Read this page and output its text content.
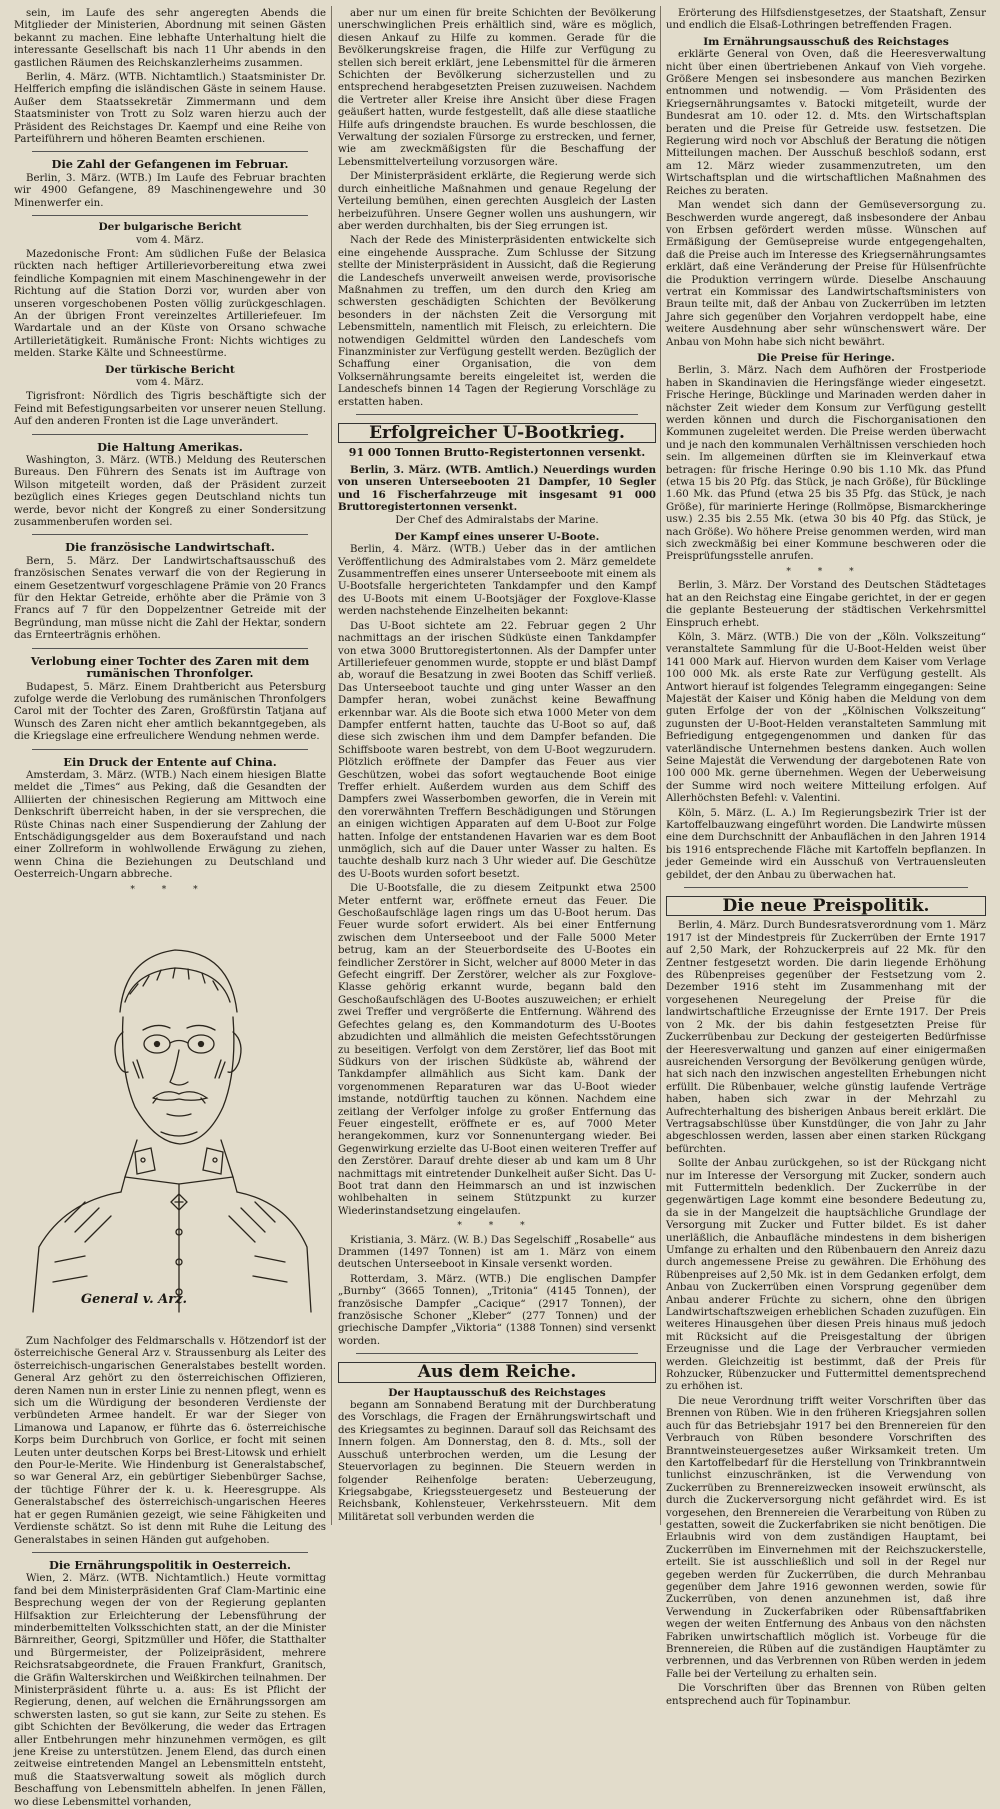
sein, im Laufe des sehr angeregten Abends die Mitglieder der Ministerien, Abordnung mit seinen Gästen bekannt zu machen. Eine lebhafte Unterhaltung hielt die interessante Gesellschaft bis nach 11 Uhr abends in den gastlichen Räumen des Reichskanzlerheims zusammen.

Berlin, 4. März. (WTB. Nichtamtlich.) Staatsminister Dr. Helfferich empfing die isländischen Gäste in seinem Hause. Außer dem Staatssekretär Zimmermann und dem Staatsminister von Trott zu Solz waren hierzu auch der Präsident des Reichstages Dr. Kaempf und eine Reihe von Parteiführern und höheren Beamten erschienen.

Die Zahl der Gefangenen im Februar.

Berlin, 3. März. (WTB.) Im Laufe des Februar brachten wir 4900 Gefangene, 89 Maschinengewehre und 30 Minenwerfer ein.

Der bulgarische Bericht

vom 4. März.

Mazedonische Front: Am südlichen Fuße der Belasica rückten nach heftiger Artillerievorbereitung etwa zwei feindliche Kompagnien mit einem Maschinengewehr in der Richtung auf die Station Dorzi vor, wurden aber von unseren vorgeschobenen Posten völlig zurückgeschlagen. An der übrigen Front vereinzeltes Artilleriefeuer. Im Wardartale und an der Küste von Orsano schwache Artillerietätigkeit. Rumänische Front: Nichts wichtiges zu melden. Starke Kälte und Schneestürme.

Der türkische Bericht

vom 4. März.

Tigrisfront: Nördlich des Tigris beschäftigte sich der Feind mit Befestigungsarbeiten vor unserer neuen Stellung. Auf den anderen Fronten ist die Lage unverändert.

Die Haltung Amerikas.

Washington, 3. März. (WTB.) Meldung des Reuterschen Bureaus. Den Führern des Senats ist im Auftrage von Wilson mitgeteilt worden, daß der Präsident zurzeit bezüglich eines Krieges gegen Deutschland nichts tun werde, bevor nicht der Kongreß zu einer Sondersitzung zusammenberufen worden sei.

Die französische Landwirtschaft.

Bern, 5. März. Der Landwirtschaftsausschuß des französischen Senates verwarf die von der Regierung in einem Gesetzentwurf vorgeschlagene Prämie von 20 Francs für den Hektar Getreide, erhöhte aber die Prämie von 3 Francs auf 7 für den Doppelzentner Getreide mit der Begründung, man müsse nicht die Zahl der Hektar, sondern das Ernteerträgnis erhöhen.

Verlobung einer Tochter des Zaren mit dem rumänischen Thronfolger.

Budapest, 5. März. Einem Drahtbericht aus Petersburg zufolge werde die Verlobung des rumänischen Thronfolgers Carol mit der Tochter des Zaren, Großfürstin Tatjana auf Wunsch des Zaren nicht eher amtlich bekanntgegeben, als die Kriegslage eine erfreulichere Wendung nehmen werde.

Ein Druck der Entente auf China.

Amsterdam, 3. März. (WTB.) Nach einem hiesigen Blatte meldet die „Times“ aus Peking, daß die Gesandten der Alliierten der chinesischen Regierung am Mittwoch eine Denkschrift überreicht haben, in der sie versprechen, die Rüste Chinas nach einer Suspendierung der Zahlung der Entschädigungsgelder aus dem Boxeraufstand und nach einer Zollreform in wohlwollende Erwägung zu ziehen, wenn China die Beziehungen zu Deutschland und Oesterreich-Ungarn abbreche.

* * *
General v. Arz.

Zum Nachfolger des Feldmarschalls v. Hötzendorf ist der österreichische General Arz v. Straussenburg als Leiter des österreichisch-ungarischen Generalstabes bestellt worden. General Arz gehört zu den österreichischen Offizieren, deren Namen nun in erster Linie zu nennen pflegt, wenn es sich um die Würdigung der besonderen Verdienste der verbündeten Armee handelt. Er war der Sieger von Limanowa und Lapanow, er führte das 6. österreichische Korps beim Durchbruch von Gorlice, er focht mit seinen Leuten unter deutschen Korps bei Brest-Litowsk und erhielt den Pour-le-Merite. Wie Hindenburg ist Generalstabschef, so war General Arz, ein gebürtiger Siebenbürger Sachse, der tüchtige Führer der k. u. k. Heeresgruppe. Als Generalstabschef des österreichisch-ungarischen Heeres hat er gegen Rumänien gezeigt, wie seine Fähigkeiten und Verdienste schätzt. So ist denn mit Ruhe die Leitung des Generalstabes in seinen Händen gut aufgehoben.

Die Ernährungspolitik in Oesterreich.

Wien, 2. März. (WTB. Nichtamtlich.) Heute vormittag fand bei dem Ministerpräsidenten Graf Clam-Martinic eine Besprechung wegen der von der Regierung geplanten Hilfsaktion zur Erleichterung der Lebensführung der minderbemittelten Volksschichten statt, an der die Minister Bärnreither, Georgi, Spitzmüller und Höfer, die Statthalter und Bürgermeister, der Polizeipräsident, mehrere Reichsratsabgeordnete, die Frauen Frankfurt, Granitsch, die Gräfin Walterskirchen und Weißkirchen teilnahmen. Der Ministerpräsident führte u. a. aus: Es ist Pflicht der Regierung, denen, auf welchen die Ernährungssorgen am schwersten lasten, so gut sie kann, zur Seite zu stehen. Es gibt Schichten der Bevölkerung, die weder das Ertragen aller Entbehrungen mehr hinzunehmen vermögen, es gilt jene Kreise zu unterstützen. Jenem Elend, das durch einen zeitweise eintretenden Mangel an Lebensmitteln entsteht, muß die Staatsverwaltung soweit als möglich durch Beschaffung von Lebensmitteln abhelfen. In jenen Fällen, wo diese Lebensmittel vorhanden,

aber nur um einen für breite Schichten der Bevölkerung unerschwinglichen Preis erhältlich sind, wäre es möglich, diesen Ankauf zu Hilfe zu kommen. Gerade für die Bevölkerungskreise fragen, die Hilfe zur Verfügung zu stellen sich bereit erklärt, jene Lebensmittel für die ärmeren Schichten der Bevölkerung sicherzustellen und zu entsprechend herabgesetzten Preisen zuzuweisen. Nachdem die Vertreter aller Kreise ihre Ansicht über diese Fragen geäußert hatten, wurde festgestellt, daß alle diese staatliche Hilfe aufs dringendste brauchen. Es wurde beschlossen, die Verwaltung der sozialen Fürsorge zu erstrecken, und ferner, wie am zweckmäßigsten für die Beschaffung der Lebensmittelverteilung vorzusorgen wäre.

Der Ministerpräsident erklärte, die Regierung werde sich durch einheitliche Maßnahmen und genaue Regelung der Verteilung bemühen, einen gerechten Ausgleich der Lasten herbeizuführen. Unsere Gegner wollen uns aushungern, wir aber werden durchhalten, bis der Sieg errungen ist.

Nach der Rede des Ministerpräsidenten entwickelte sich eine eingehende Aussprache. Zum Schlusse der Sitzung stellte der Ministerpräsident in Aussicht, daß die Regierung die Landeschefs unverweilt anweisen werde, provisorische Maßnahmen zu treffen, um den durch den Krieg am schwersten geschädigten Schichten der Bevölkerung besonders in der nächsten Zeit die Versorgung mit Lebensmitteln, namentlich mit Fleisch, zu erleichtern. Die notwendigen Geldmittel würden den Landeschefs vom Finanzminister zur Verfügung gestellt werden. Bezüglich der Schaffung einer Organisation, die von dem Volksernährungsamte bereits eingeleitet ist, werden die Landeschefs binnen 14 Tagen der Regierung Vorschläge zu erstatten haben.

Erfolgreicher U-Bootkrieg.
91 000 Tonnen Brutto-Registertonnen versenkt.

Berlin, 3. März. (WTB. Amtlich.) Neuerdings wurden von unseren Unterseebooten 21 Dampfer, 10 Segler und 16 Fischerfahrzeuge mit insgesamt 91 000 Bruttoregistertonnen versenkt.

Der Chef des Admiralstabs der Marine.

Der Kampf eines unserer U-Boote.

Berlin, 4. März. (WTB.) Ueber das in der amtlichen Veröffentlichung des Admiralstabes vom 2. März gemeldete Zusammentreffen eines unserer Unterseeboote mit einem als U-Bootsfalle hergerichteten Tankdampfer und den Kampf des U-Boots mit einem U-Bootsjäger der Foxglove-Klasse werden nachstehende Einzelheiten bekannt:

Das U-Boot sichtete am 22. Februar gegen 2 Uhr nachmittags an der irischen Südküste einen Tankdampfer von etwa 3000 Bruttoregistertonnen. Als der Dampfer unter Artilleriefeuer genommen wurde, stoppte er und bläst Dampf ab, worauf die Besatzung in zwei Booten das Schiff verließ. Das Unterseeboot tauchte und ging unter Wasser an den Dampfer heran, wobei zunächst keine Bewaffnung erkennbar war. Als die Boote sich etwa 1000 Meter von dem Dampfer entfernt hatten, tauchte das U-Boot so auf, daß diese sich zwischen ihm und dem Dampfer befanden. Die Schiffsboote waren bestrebt, von dem U-Boot wegzurudern. Plötzlich eröffnete der Dampfer das Feuer aus vier Geschützen, wobei das sofort wegtauchende Boot einige Treffer erhielt. Außerdem wurden aus dem Schiff des Dampfers zwei Wasserbomben geworfen, die in Verein mit den vorerwähnten Treffern Beschädigungen und Störungen an einigen wichtigen Apparaten auf dem U-Boot zur Folge hatten. Infolge der entstandenen Havarien war es dem Boot unmöglich, sich auf die Dauer unter Wasser zu halten. Es tauchte deshalb kurz nach 3 Uhr wieder auf. Die Geschütze des U-Boots wurden sofort besetzt.

Die U-Bootsfalle, die zu diesem Zeitpunkt etwa 2500 Meter entfernt war, eröffnete erneut das Feuer. Die Geschoßaufschläge lagen rings um das U-Boot herum. Das Feuer wurde sofort erwidert. Als bei einer Entfernung zwischen dem Unterseeboot und der Falle 5000 Meter betrug, kam an der Steuerbordseite des U-Bootes ein feindlicher Zerstörer in Sicht, welcher auf 8000 Meter in das Gefecht eingriff. Der Zerstörer, welcher als zur Foxglove-Klasse gehörig erkannt wurde, begann bald den Geschoßaufschlägen des U-Bootes auszuweichen; er erhielt zwei Treffer und vergrößerte die Entfernung. Während des Gefechtes gelang es, den Kommandoturm des U-Bootes abzudichten und allmählich die meisten Gefechtsstörungen zu beseitigen. Verfolgt von dem Zerstörer, lief das Boot mit Südkurs von der irischen Südküste ab, während der Tankdampfer allmählich aus Sicht kam. Dank der vorgenommenen Reparaturen war das U-Boot wieder imstande, notdürftig tauchen zu können. Nachdem eine zeitlang der Verfolger infolge zu großer Entfernung das Feuer eingestellt, eröffnete er es, auf 7000 Meter herangekommen, kurz vor Sonnenuntergang wieder. Bei Gegenwirkung erzielte das U-Boot einen weiteren Treffer auf den Zerstörer. Darauf drehte dieser ab und kam um 8 Uhr nachmittags mit eintretender Dunkelheit außer Sicht. Das U-Boot trat dann den Heimmarsch an und ist inzwischen wohlbehalten in seinem Stützpunkt zu kurzer Wiederinstandsetzung eingelaufen.

* * *

Kristiania, 3. März. (W. B.) Das Segelschiff „Rosabelle“ aus Drammen (1497 Tonnen) ist am 1. März von einem deutschen Unterseeboot in Kinsale versenkt worden.

Rotterdam, 3. März. (WTB.) Die englischen Dampfer „Burnby“ (3665 Tonnen), „Tritonia“ (4145 Tonnen), der französische Dampfer „Cacique“ (2917 Tonnen), der französische Schoner „Kleber“ (277 Tonnen) und der griechische Dampfer „Viktoria“ (1388 Tonnen) sind versenkt worden.

Aus dem Reiche.
Der Hauptausschuß des Reichstages

begann am Sonnabend Beratung mit der Durchberatung des Vorschlags, die Fragen der Ernährungswirtschaft und des Kriegsamtes zu beginnen. Darauf soll das Reichsamt des Innern folgen. Am Donnerstag, den 8. d. Mts., soll der Ausschuß unterbrochen werden, um die Lesung der Steuervorlagen zu beginnen. Die Steuern werden in folgender Reihenfolge beraten: Ueberzeugung, Kriegsabgabe, Kriegssteuergesetz und Besteuerung der Reichsbank, Kohlensteuer, Verkehrssteuern. Mit dem Militäretat soll verbunden werden die

Erörterung des Hilfsdienstgesetzes, der Staatshaft, Zensur und endlich die Elsaß-Lothringen betreffenden Fragen.

Im Ernährungsausschuß des Reichstages

erklärte General von Oven, daß die Heeresverwaltung nicht über einen übertriebenen Ankauf von Vieh vorgehe. Größere Mengen sei insbesondere aus manchen Bezirken entnommen und notwendig. — Vom Präsidenten des Kriegsernährungsamtes v. Batocki mitgeteilt, wurde der Bundesrat am 10. oder 12. d. Mts. den Wirtschaftsplan beraten und die Preise für Getreide usw. festsetzen. Die Regierung wird noch vor Abschluß der Beratung die nötigen Mitteilungen machen. Der Ausschuß beschloß sodann, erst am 12. März wieder zusammenzutreten, um den Wirtschaftsplan und die wirtschaftlichen Maßnahmen des Reiches zu beraten.

Man wendet sich dann der Gemüseversorgung zu. Beschwerden wurde angeregt, daß insbesondere der Anbau von Erbsen gefördert werden müsse. Wünschen auf Ermäßigung der Gemüsepreise wurde entgegengehalten, daß die Preise auch im Interesse des Kriegsernährungsamtes erklärt, daß eine Veränderung der Preise für Hülsenfrüchte die Produktion verringern würde. Dieselbe Anschauung vertrat ein Kommissar des Landwirtschaftsministers von Braun teilte mit, daß der Anbau von Zuckerrüben im letzten Jahre sich gegenüber den Vorjahren verdoppelt habe, eine weitere Ausdehnung aber sehr wünschenswert wäre. Der Anbau von Mohn habe sich nicht bewährt.

Die Preise für Heringe.

Berlin, 3. März. Nach dem Aufhören der Frostperiode haben in Skandinavien die Heringsfänge wieder eingesetzt. Frische Heringe, Bücklinge und Marinaden werden daher in nächster Zeit wieder dem Konsum zur Verfügung gestellt werden können und durch die Fischorganisationen den Kommunen zugeleitet werden. Die Preise werden überwacht und je nach den kommunalen Verhältnissen verschieden hoch sein. Im allgemeinen dürften sie im Kleinverkauf etwa betragen: für frische Heringe 0.90 bis 1.10 Mk. das Pfund (etwa 15 bis 20 Pfg. das Stück, je nach Größe), für Bücklinge 1.60 Mk. das Pfund (etwa 25 bis 35 Pfg. das Stück, je nach Größe), für marinierte Heringe (Rollmöpse, Bismarckheringe usw.) 2.35 bis 2.55 Mk. (etwa 30 bis 40 Pfg. das Stück, je nach Größe). Wo höhere Preise genommen werden, wird man sich zweckmäßig bei einer Kommune beschweren oder die Preisprüfungsstelle anrufen.

* * *

Berlin, 3. März. Der Vorstand des Deutschen Städtetages hat an den Reichstag eine Eingabe gerichtet, in der er gegen die geplante Besteuerung der städtischen Verkehrsmittel Einspruch erhebt.

Köln, 3. März. (WTB.) Die von der „Köln. Volkszeitung“ veranstaltete Sammlung für die U-Boot-Helden weist über 141 000 Mark auf. Hiervon wurden dem Kaiser vom Verlage 100 000 Mk. als erste Rate zur Verfügung gestellt. Als Antwort hierauf ist folgendes Telegramm eingegangen: Seine Majestät der Kaiser und König haben die Meldung von dem guten Erfolge der von der „Kölnischen Volkszeitung“ zugunsten der U-Boot-Helden veranstalteten Sammlung mit Befriedigung entgegengenommen und danken für das vaterländische Unternehmen bestens danken. Auch wollen Seine Majestät die Verwendung der dargebotenen Rate von 100 000 Mk. gerne übernehmen. Wegen der Ueberweisung der Summe wird noch weitere Mitteilung erfolgen. Auf Allerhöchsten Befehl: v. Valentini.

Köln, 5. März. (L. A.) Im Regierungsbezirk Trier ist der Kartoffelbauzwang eingeführt worden. Die Landwirte müssen eine dem Durchschnitt der Anbauflächen in den Jahren 1914 bis 1916 entsprechende Fläche mit Kartoffeln bepflanzen. In jeder Gemeinde wird ein Ausschuß von Vertrauensleuten gebildet, der den Anbau zu überwachen hat.

Die neue Preispolitik.

Berlin, 4. März. Durch Bundesratsverordnung vom 1. März 1917 ist der Mindestpreis für Zuckerrüben der Ernte 1917 auf 2,50 Mark, der Rohzuckerpreis auf 22 Mk. für den Zentner festgesetzt worden. Die darin liegende Erhöhung des Rübenpreises gegenüber der Festsetzung vom 2. Dezember 1916 steht im Zusammenhang mit der vorgesehenen Neuregelung der Preise für die landwirtschaftliche Erzeugnisse der Ernte 1917. Der Preis von 2 Mk. der bis dahin festgesetzten Preise für Zuckerrübenbau zur Deckung der gesteigerten Bedürfnisse der Heeresverwaltung und ganzen auf einer einigermaßen ausreichenden Versorgung der Bevölkerung genügen würde, hat sich nach den inzwischen angestellten Erhebungen nicht erfüllt. Die Rübenbauer, welche günstig laufende Verträge haben, haben sich zwar in der Mehrzahl zu Aufrechterhaltung des bisherigen Anbaus bereit erklärt. Die Vertragsabschlüsse über Kunstdünger, die von Jahr zu Jahr abgeschlossen werden, lassen aber einen starken Rückgang befürchten.

Sollte der Anbau zurückgehen, so ist der Rückgang nicht nur im Interesse der Versorgung mit Zucker, sondern auch mit Futtermitteln bedenklich. Der Zuckerrübe in der gegenwärtigen Lage kommt eine besondere Bedeutung zu, da sie in der Mangelzeit die hauptsächliche Grundlage der Versorgung mit Zucker und Futter bildet. Es ist daher unerläßlich, die Anbaufläche mindestens in dem bisherigen Umfange zu erhalten und den Rübenbauern den Anreiz dazu durch angemessene Preise zu gewähren. Die Erhöhung des Rübenpreises auf 2,50 Mk. ist in dem Gedanken erfolgt, dem Anbau von Zuckerrüben einen Vorsprung gegenüber dem Anbau anderer Früchte zu sichern, ohne den übrigen Landwirtschaftszweigen erheblichen Schaden zuzufügen. Ein weiteres Hinausgehen über diesen Preis hinaus muß jedoch mit Rücksicht auf die Preisgestaltung der übrigen Erzeugnisse und die Lage der Verbraucher vermieden werden. Gleichzeitig ist bestimmt, daß der Preis für Rohzucker, Rübenzucker und Futtermittel dementsprechend zu erhöhen ist.

Die neue Verordnung trifft weiter Vorschriften über das Brennen von Rüben. Wie in den früheren Kriegsjahren sollen auch für das Betriebsjahr 1917 bei den Brennereien für den Verbrauch von Rüben besondere Vorschriften des Branntweinsteuergesetzes außer Wirksamkeit treten. Um den Kartoffelbedarf für die Herstellung von Trinkbranntwein tunlichst einzuschränken, ist die Verwendung von Zuckerrüben zu Brennereizwecken insoweit erwünscht, als durch die Zuckerversorgung nicht gefährdet wird. Es ist vorgesehen, den Brennereien die Verarbeitung von Rüben zu gestatten, soweit die Zuckerfabriken sie nicht benötigen. Die Erlaubnis wird von dem zuständigen Hauptamt, bei Zuckerrüben im Einvernehmen mit der Reichszuckerstelle, erteilt. Sie ist ausschließlich und soll in der Regel nur gegeben werden für Zuckerrüben, die durch Mehranbau gegenüber dem Jahre 1916 gewonnen werden, sowie für Zuckerrüben, von denen anzunehmen ist, daß ihre Verwendung in Zuckerfabriken oder Rübensaftfabriken wegen der weiten Entfernung des Anbaus von den nächsten Fabriken unwirtschaftlich möglich ist. Vorbeuge für die Brennereien, die Rüben auf die zuständigen Hauptämter zu verbrennen, und das Verbrennen von Rüben werden in jedem Falle bei der Verteilung zu erhalten sein.

Die Vorschriften über das Brennen von Rüben gelten entsprechend auch für Topinambur.
